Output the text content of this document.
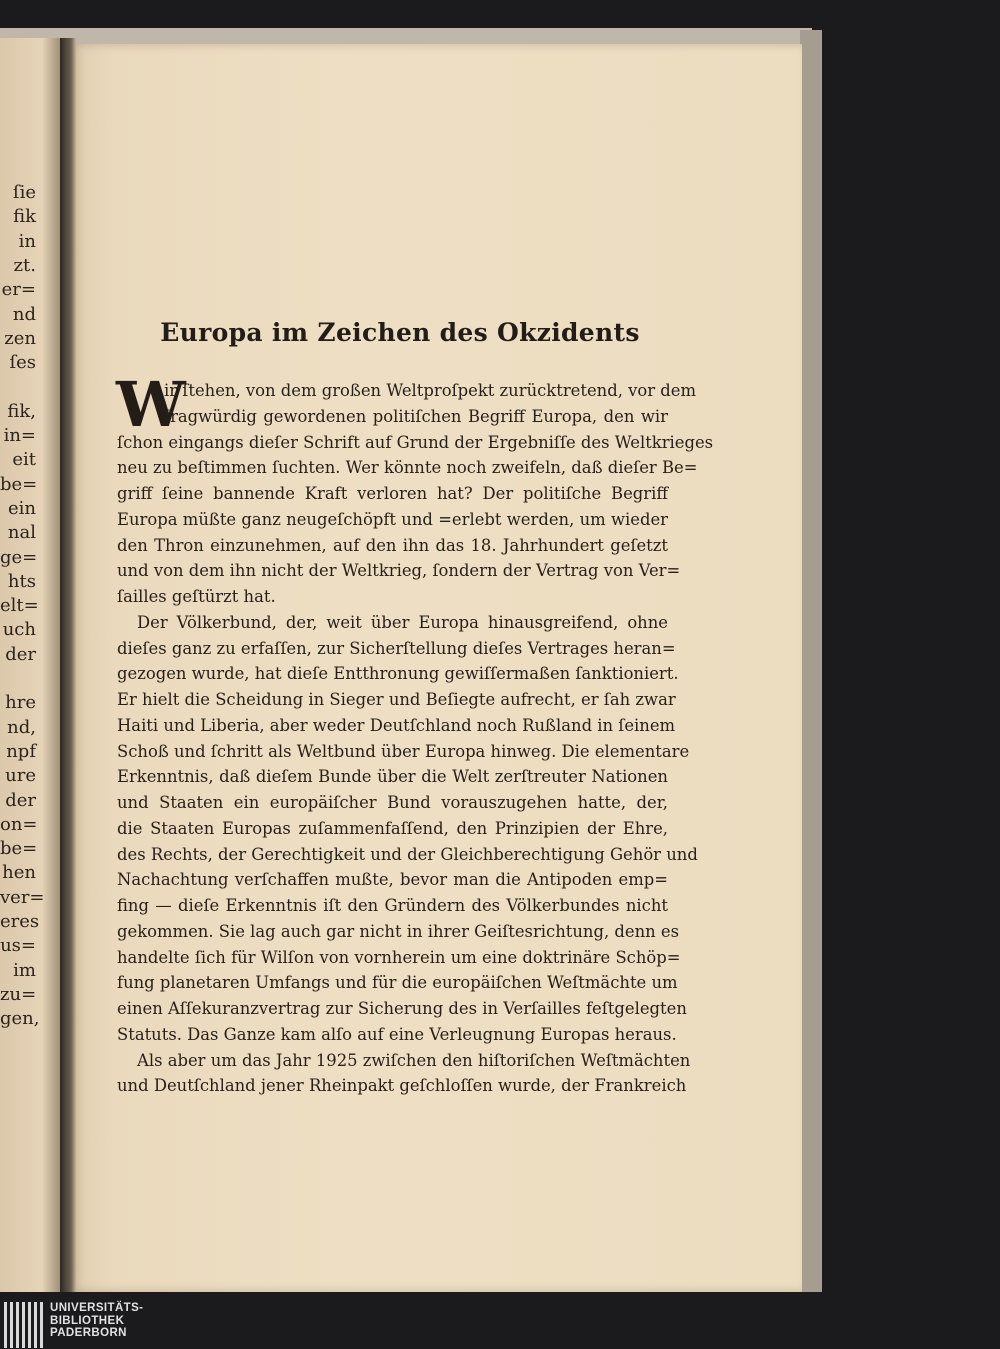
ſie
fik
in
zt.
er=
nd
zen
ſes
fik,
in=
eit
be=
ein
nal
ge=
hts
elt=
uch
der
hre
nd,
npf
ure
der
on=
be=
hen
ver=
eres
us=
im
zu=
gen,
Europa im Zeichen des Okzidents
W
ir ſtehen, von dem großen Weltproſpekt zurücktretend, vor dem
fragwürdig gewordenen politiſchen Begriff Europa, den wir
ſchon eingangs dieſer Schrift auf Grund der Ergebniſſe des Weltkrieges
neu zu beſtimmen ſuchten. Wer könnte noch zweifeln, daß dieſer Be=
griff ſeine bannende Kraft verloren hat? Der politiſche Begriff
Europa müßte ganz neugeſchöpft und =erlebt werden, um wieder
den Thron einzunehmen, auf den ihn das 18. Jahrhundert geſetzt
und von dem ihn nicht der Weltkrieg, ſondern der Vertrag von Ver=
ſailles geſtürzt hat.
Der Völkerbund, der, weit über Europa hinausgreifend, ohne
dieſes ganz zu erfaſſen, zur Sicherſtellung dieſes Vertrages heran=
gezogen wurde, hat dieſe Entthronung gewiſſermaßen ſanktioniert.
Er hielt die Scheidung in Sieger und Beſiegte aufrecht, er ſah zwar
Haiti und Liberia, aber weder Deutſchland noch Rußland in ſeinem
Schoß und ſchritt als Weltbund über Europa hinweg. Die elementare
Erkenntnis, daß dieſem Bunde über die Welt zerſtreuter Nationen
und Staaten ein europäiſcher Bund vorauszugehen hatte, der,
die Staaten Europas zuſammenfaſſend, den Prinzipien der Ehre,
des Rechts, der Gerechtigkeit und der Gleichberechtigung Gehör und
Nachachtung verſchaffen mußte, bevor man die Antipoden emp=
fing — dieſe Erkenntnis iſt den Gründern des Völkerbundes nicht
gekommen. Sie lag auch gar nicht in ihrer Geiſtesrichtung, denn es
handelte ſich für Wilſon von vornherein um eine doktrinäre Schöp=
fung planetaren Umfangs und für die europäiſchen Weſtmächte um
einen Aſſekuranzvertrag zur Sicherung des in Verſailles feſtgelegten
Statuts. Das Ganze kam alſo auf eine Verleugnung Europas heraus.
Als aber um das Jahr 1925 zwiſchen den hiſtoriſchen Weſtmächten
und Deutſchland jener Rheinpakt geſchloſſen wurde, der Frankreich
UNIVERSITÄTS-
BIBLIOTHEK
PADERBORN
